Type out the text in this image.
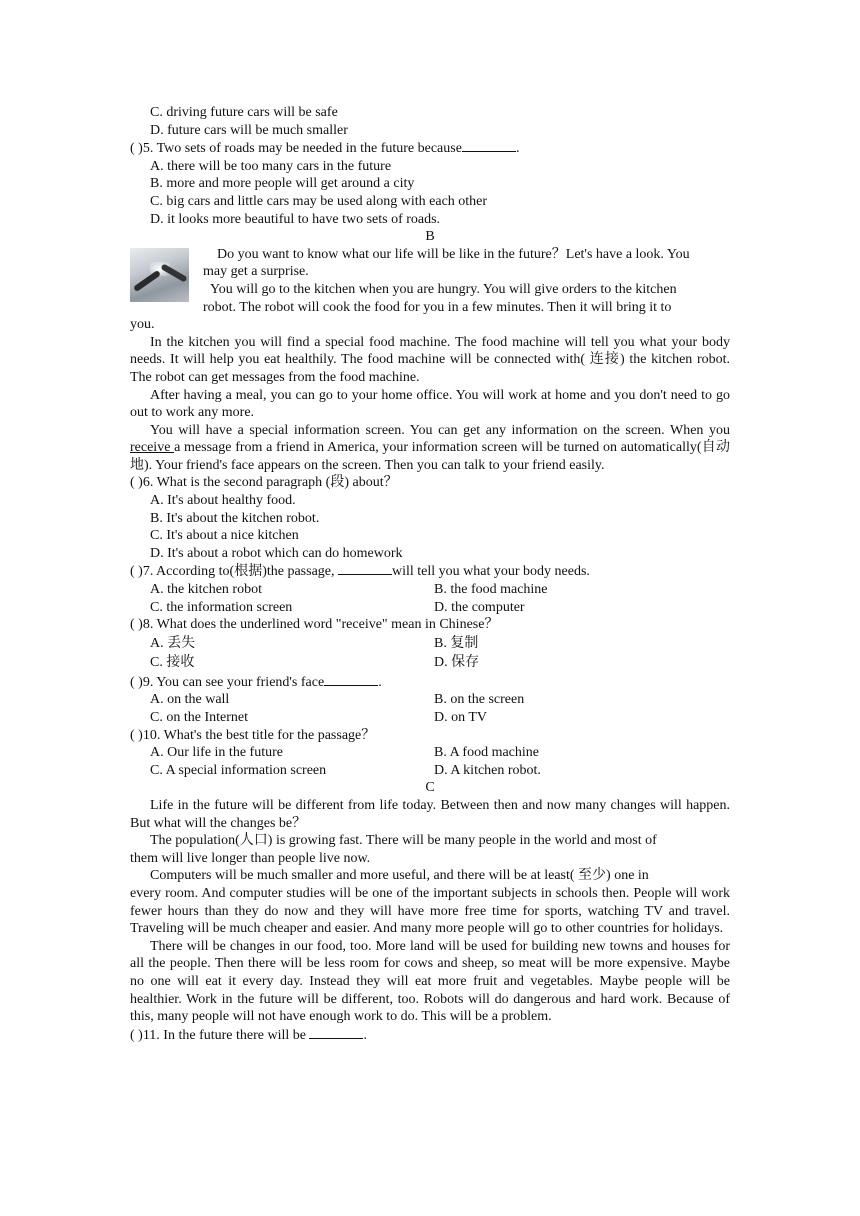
C. driving future cars will be safe
D. future cars will be much smaller
( )5. Two sets of roads may be needed in the future because	.
A. there will be too many cars in the future
B. more and more people will get around a city
C. big cars and little cars may be used along with each other
D. it looks more beautiful to have two sets of roads.
B
Do you want to know what our life will be like in the future？Let's have a look. You
may get a surprise.
You will go to the kitchen when you are hungry. You will give orders to the kitchen
robot. The robot will cook the food for you in a few minutes. Then it will bring it to
you.
In the kitchen you will find a special food machine. The food machine will tell you what your body needs. It will help you eat healthily. The food machine will be connected with( 连接) the kitchen robot. The robot can get messages from the food machine.
After having a meal, you can go to your home office. You will work at home and you don't need to go out to work any more.
You will have a special information screen. You can get any information on the screen. When you receive a message from a friend in America, your information screen will be turned on automatically(自动地). Your friend's face appears on the screen. Then you can talk to your friend easily.
( )6. What is the second paragraph (段) about？
A. It's about healthy food.
B. It's about the kitchen robot.
C. It's about a nice kitchen
D. It's about a robot which can do homework
( )7. According to(根据)the passage,	will tell you what your body needs.
A. the kitchen robot	B. the food machine
C. the information screen	D. the computer
( )8. What does the underlined word "receive" mean in Chinese？
A. 丢失	B. 复制
C. 接收	D. 保存
( )9. You can see your friend's face	.
A. on the wall	B. on the screen
C. on the Internet	D. on TV
( )10. What's the best title for the passage？
A. Our life in the future	B. A food machine
C. A special information screen	D. A kitchen robot.
C
Life in the future will be different from life today. Between then and now many changes will happen. But what will the changes be？
The population(人口) is growing fast. There will be many people in the world and most of
them will live longer than people live now.
Computers will be much smaller and more useful, and there will be at least( 至少) one in
every room. And computer studies will be one of the important subjects in schools then. People will work fewer hours than they do now and they will have more free time for sports, watching TV and travel. Traveling will be much cheaper and easier. And many more people will go to other countries for holidays.
There will be changes in our food, too. More land will be used for building new towns and houses for all the people. Then there will be less room for cows and sheep, so meat will be more expensive. Maybe no one will eat it every day. Instead they will eat more fruit and vegetables. Maybe people will be healthier. Work in the future will be different, too. Robots will do dangerous and hard work. Because of this, many people will not have enough work to do. This will be a problem.
( )11. In the future there will be	.
